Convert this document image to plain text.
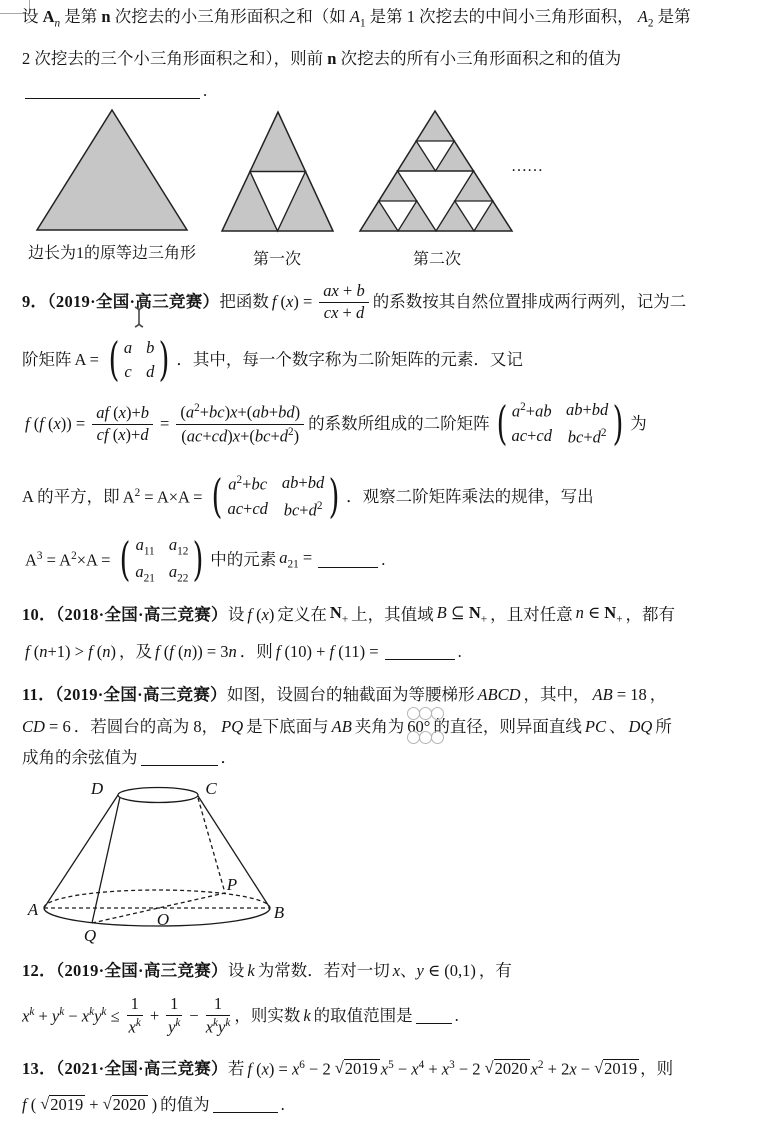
设 $A_n$ 是第 n 次挖去的小三角形面积之和（如 $A_1$ 是第 1 次挖去的中间小三角形面积， $A_2$ 是第
2 次挖去的三个小三角形面积之和），则前 n 次挖去的所有小三角形面积之和的值为
.
边长为1的原等边三角形	第一次	第二次
……
9．（2019·全国·高三竞赛） 把函数 f $(x) = \frac{ax + b}{cx + d}$ 的系数按其自然位置排成两行两列，记为二
阶矩阵 A = ( a b
c d ) ．其中，每一个数字称为二阶矩阵的元素．又记
f (f $(x)) = \frac{af (x)+b}{cf (x)+d} = \frac{(a^2+bc)x+(ab+bd)}{(ac+cd)x+(bc+d^2)}$ 的系数所组成的二阶矩阵 ( $a^2+ab$ ab+bd
ac+cd $bc+d^2$ ) 为
A 的平方，即 $A^2 = A\times A$ = ( $a^2+bc$ ab+bd
ac+cd $bc+d^2$ ) ．观察二阶矩阵乘法的规律，写出
$A^3 = A^2\times A$ = ( $a_{11}$ $a_{12}$
$a_{21}$ $a_{22}$ ) 中的元素 $a_{21}$ =	.
10．（2018·全国·高三竞赛） 设 f (x) 定义在 $N_+$ 上，其值域 B ⊆ $N_+$ ，且对任意 n ∈ $N_+$ ，都有
f (n+1) > f (n) ，及 f (f (n)) = 3n ．则 f (10) + f (11) =	.
11．（2019·全国·高三竞赛） 如图，设圆台的轴截面为等腰梯形 ABCD ，其中， AB = 18 ，
CD = 6 ．若圆台的高为 8， PQ 是下底面与 AB 夹角为 60° 的直径，则异面直线 PC 、 DQ 所
成角的余弦值为	．
D	C
A	B
O
P
Q
12．（2019·全国·高三竞赛） 设 k 为常数．若对一切 x、y ∈ (0,1) ，有
$x^k + y^k - x^ky^k \le \frac{1}{x^k} + \frac{1}{y^k} - \frac{1}{x^ky^k}$ ，则实数 k 的取值范围是	.
13．（2021·全国·高三竞赛） 若 f $(x) = x^6 - 2$ √ 2019 $x^5 - x^4 + x^3 - 2$ √ 2020 $x^2 + 2x$ − √ 2019 ，则
f ( √ 2019 + √ 2020 ) 的值为	.
